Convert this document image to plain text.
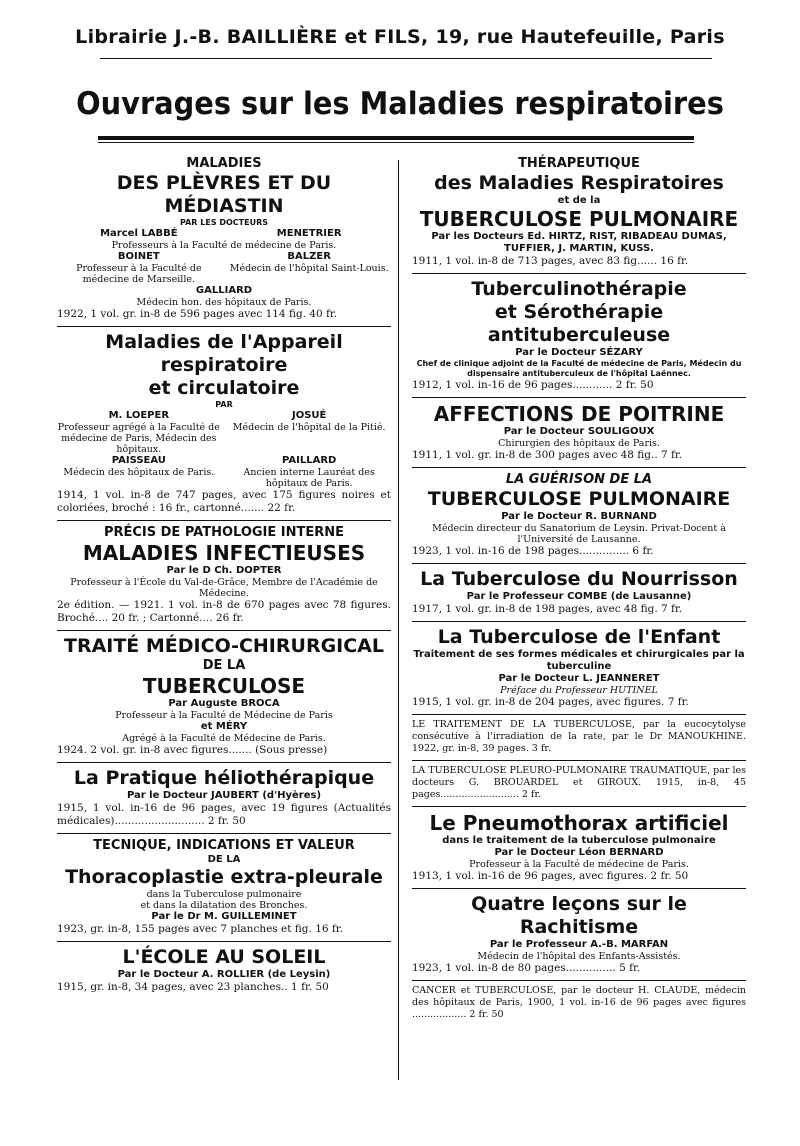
Librairie J.-B. BAILLIÈRE et FILS, 19, rue Hautefeuille, Paris
Ouvrages sur les Maladies respiratoires
MALADIES
DES PLÈVRES ET DU MÉDIASTIN
PAR LES DOCTEURS
Marcel LABBÉ	MENETRIER
Professeurs à la Faculté de médecine de Paris.
BOINET
Professeur à la Faculté de médecine de Marseille.
BALZER
Médecin de l'hôpital Saint-Louis.
GALLIARD
Médecin hon. des hôpitaux de Paris.
1922, 1 vol. gr. in-8 de 596 pages avec 114 fig. 40 fr.
Maladies de l'Appareil respiratoire
et circulatoire
PAR
M. LOEPER
Professeur agrégé à la Faculté de médecine de Paris, Médecin des hôpitaux.
JOSUÉ
Médecin de l'hôpital de la Pitié.
PAISSEAU
Médecin des hôpitaux de Paris.
PAILLARD
Ancien interne Lauréat des hôpitaux de Paris.
1914, 1 vol. in-8 de 747 pages, avec 175 figures noires et coloriées, broché : 16 fr., cartonné....... 22 fr.
PRÉCIS DE PATHOLOGIE INTERNE
MALADIES INFECTIEUSES
Par le D Ch. DOPTER
Professeur à l'École du Val-de-Grâce, Membre de l'Académie de Médecine.
2e édition. — 1921. 1 vol. in-8 de 670 pages avec 78 figures. Broché.... 20 fr. ; Cartonné.... 26 fr.
TRAITÉ MÉDICO-CHIRURGICAL
DE LA
TUBERCULOSE
Par Auguste BROCA
Professeur à la Faculté de Médecine de Paris
et MÉRY
Agrégé à la Faculté de Médecine de Paris.
1924. 2 vol. gr. in-8 avec figures....... (Sous presse)
La Pratique héliothérapique
Par le Docteur JAUBERT (d'Hyères)
1915, 1 vol. in-16 de 96 pages, avec 19 figures (Actualités médicales)........................... 2 fr. 50
TECNIQUE, INDICATIONS ET VALEUR
DE LA
Thoracoplastie extra-pleurale
dans la Tuberculose pulmonaire
et dans la dilatation des Bronches.
Par le Dr M. GUILLEMINET
1923, gr. in-8, 155 pages avec 7 planches et fig. 16 fr.
L'ÉCOLE AU SOLEIL
Par le Docteur A. ROLLIER (de Leysin)
1915, gr. in-8, 34 pages, avec 23 planches.. 1 fr. 50
THÉRAPEUTIQUE
des Maladies Respiratoires
et de la
TUBERCULOSE PULMONAIRE
Par les Docteurs Ed. HIRTZ, RIST, RIBADEAU DUMAS, TUFFIER, J. MARTIN, KUSS.
1911, 1 vol. in-8 de 713 pages, avec 83 fig...... 16 fr.
Tuberculinothérapie
et Sérothérapie antituberculeuse
Par le Docteur SÉZARY
Chef de clinique adjoint de la Faculté de médecine de Paris, Médecin du dispensaire antituberculeux de l'hôpital Laënnec.
1912, 1 vol. in-16 de 96 pages............ 2 fr. 50
AFFECTIONS DE POITRINE
Par le Docteur SOULIGOUX
Chirurgien des hôpitaux de Paris.
1911, 1 vol. gr. in-8 de 300 pages avec 48 fig.. 7 fr.
LA GUÉRISON DE LA
TUBERCULOSE PULMONAIRE
Par le Docteur R. BURNAND
Médecin directeur du Sanatorium de Leysin. Privat-Docent à l'Université de Lausanne.
1923, 1 vol. in-16 de 198 pages............... 6 fr.
La Tuberculose du Nourrisson
Par le Professeur COMBE (de Lausanne)
1917, 1 vol. gr. in-8 de 198 pages, avec 48 fig. 7 fr.
La Tuberculose de l'Enfant
Traitement de ses formes médicales et chirurgicales par la tuberculine
Par le Docteur L. JEANNERET
Préface du Professeur HUTINEL
1915, 1 vol. gr. in-8 de 204 pages, avec figures. 7 fr.
LE TRAITEMENT DE LA TUBERCULOSE, par la eucocytolyse consécutive à l'irradiation de la rate, par le Dr MANOUKHINE. 1922, gr. in-8, 39 pages. 3 fr.
LA TUBERCULOSE PLEURO-PULMONAIRE TRAUMATIQUE, par les docteurs G. BROUARDEL et GIROUX. 1915, in-8, 45 pages.......................... 2 fr.
Le Pneumothorax artificiel
dans le traitement de la tuberculose pulmonaire
Par le Docteur Léon BERNARD
Professeur à la Faculté de médecine de Paris.
1913, 1 vol. in-16 de 96 pages, avec figures. 2 fr. 50
Quatre leçons sur le Rachitisme
Par le Professeur A.-B. MARFAN
Médecin de l'hôpital des Enfants-Assistés.
1923, 1 vol. in-8 de 80 pages............... 5 fr.
CANCER et TUBERCULOSE, par le docteur H. CLAUDE, médecin des hôpitaux de Paris, 1900, 1 vol. in-16 de 96 pages avec figures .................. 2 fr. 50
